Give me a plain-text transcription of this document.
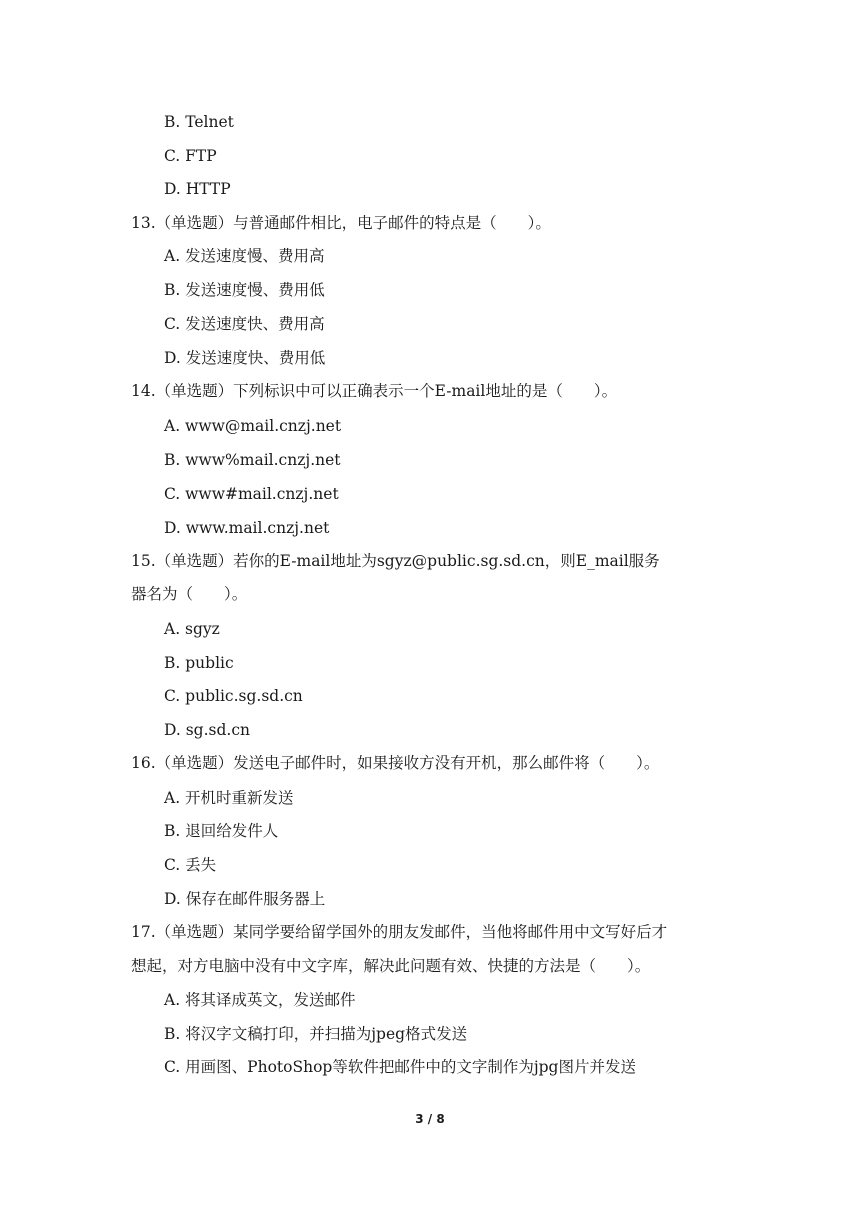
B. Telnet
C. FTP
D. HTTP
13.（单选题）与普通邮件相比，电子邮件的特点是（　　）。
A. 发送速度慢、费用高
B. 发送速度慢、费用低
C. 发送速度快、费用高
D. 发送速度快、费用低
14.（单选题）下列标识中可以正确表示一个E-mail地址的是（　　）。
A. www@mail.cnzj.net
B. www%mail.cnzj.net
C. www#mail.cnzj.net
D. www.mail.cnzj.net
15.（单选题）若你的E-mail地址为sgyz@public.sg.sd.cn，则E_mail服务
器名为（　　）。
A. sgyz
B. public
C. public.sg.sd.cn
D. sg.sd.cn
16.（单选题）发送电子邮件时，如果接收方没有开机，那么邮件将（　　）。
A. 开机时重新发送
B. 退回给发件人
C. 丢失
D. 保存在邮件服务器上
17.（单选题）某同学要给留学国外的朋友发邮件，当他将邮件用中文写好后才
想起，对方电脑中没有中文字库，解决此问题有效、快捷的方法是（　　）。
A. 将其译成英文，发送邮件
B. 将汉字文稿打印，并扫描为jpeg格式发送
C. 用画图、PhotoShop等软件把邮件中的文字制作为jpg图片并发送
3 / 8
